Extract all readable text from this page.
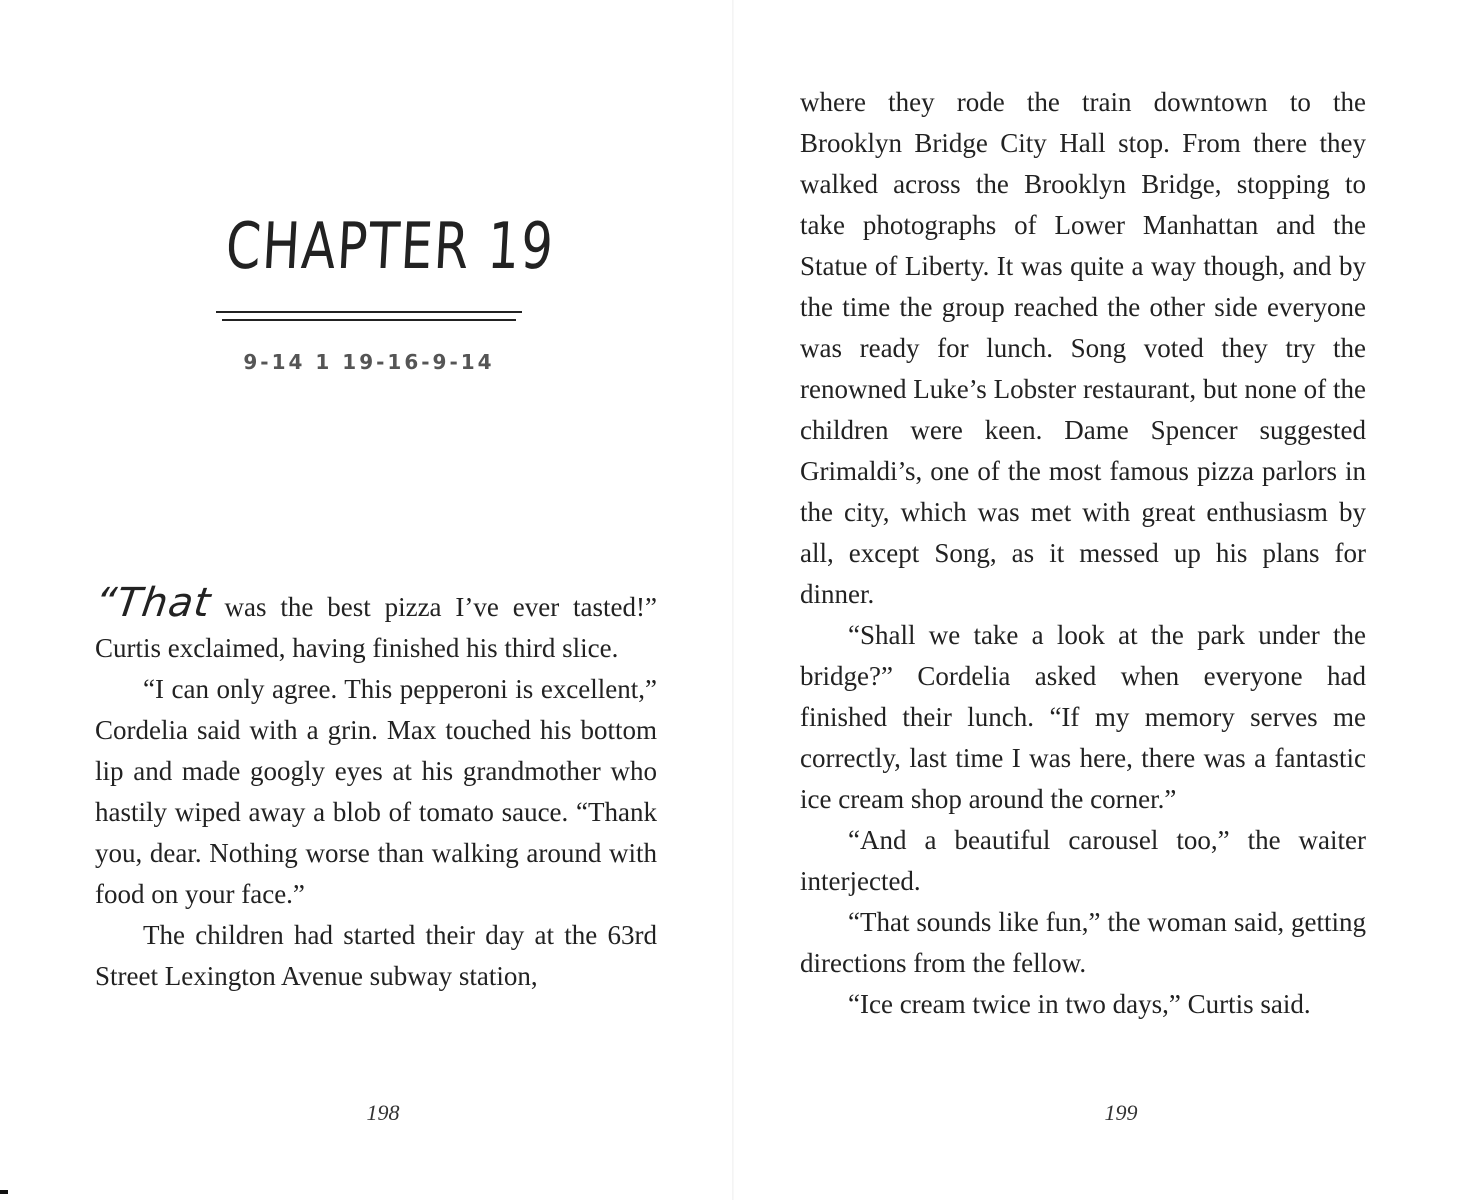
CHAPTER 19
9-14 1 19-16-9-14

“That was the best pizza I’ve ever tasted!” Curtis exclaimed, having finished his third slice.

“I can only agree. This pepperoni is excellent,” Cordelia said with a grin. Max touched his bottom lip and made googly eyes at his grandmother who hastily wiped away a blob of tomato sauce. “Thank you, dear. Nothing worse than walking around with food on your face.”

The children had started their day at the 63rd Street Lexington Avenue subway station,

198

where they rode the train downtown to the Brooklyn Bridge City Hall stop. From there they walked across the Brooklyn Bridge, stopping to take photographs of Lower Manhattan and the Statue of Liberty. It was quite a way though, and by the time the group reached the other side everyone was ready for lunch. Song voted they try the renowned Luke’s Lobster restaurant, but none of the children were keen. Dame Spencer suggested Grimaldi’s, one of the most famous pizza parlors in the city, which was met with great enthusiasm by all, except Song, as it messed up his plans for dinner.

“Shall we take a look at the park under the bridge?” Cordelia asked when everyone had finished their lunch. “If my memory serves me correctly, last time I was here, there was a fantastic ice cream shop around the corner.”

“And a beautiful carousel too,” the waiter interjected.

“That sounds like fun,” the woman said, getting directions from the fellow.

“Ice cream twice in two days,” Curtis said.

199
